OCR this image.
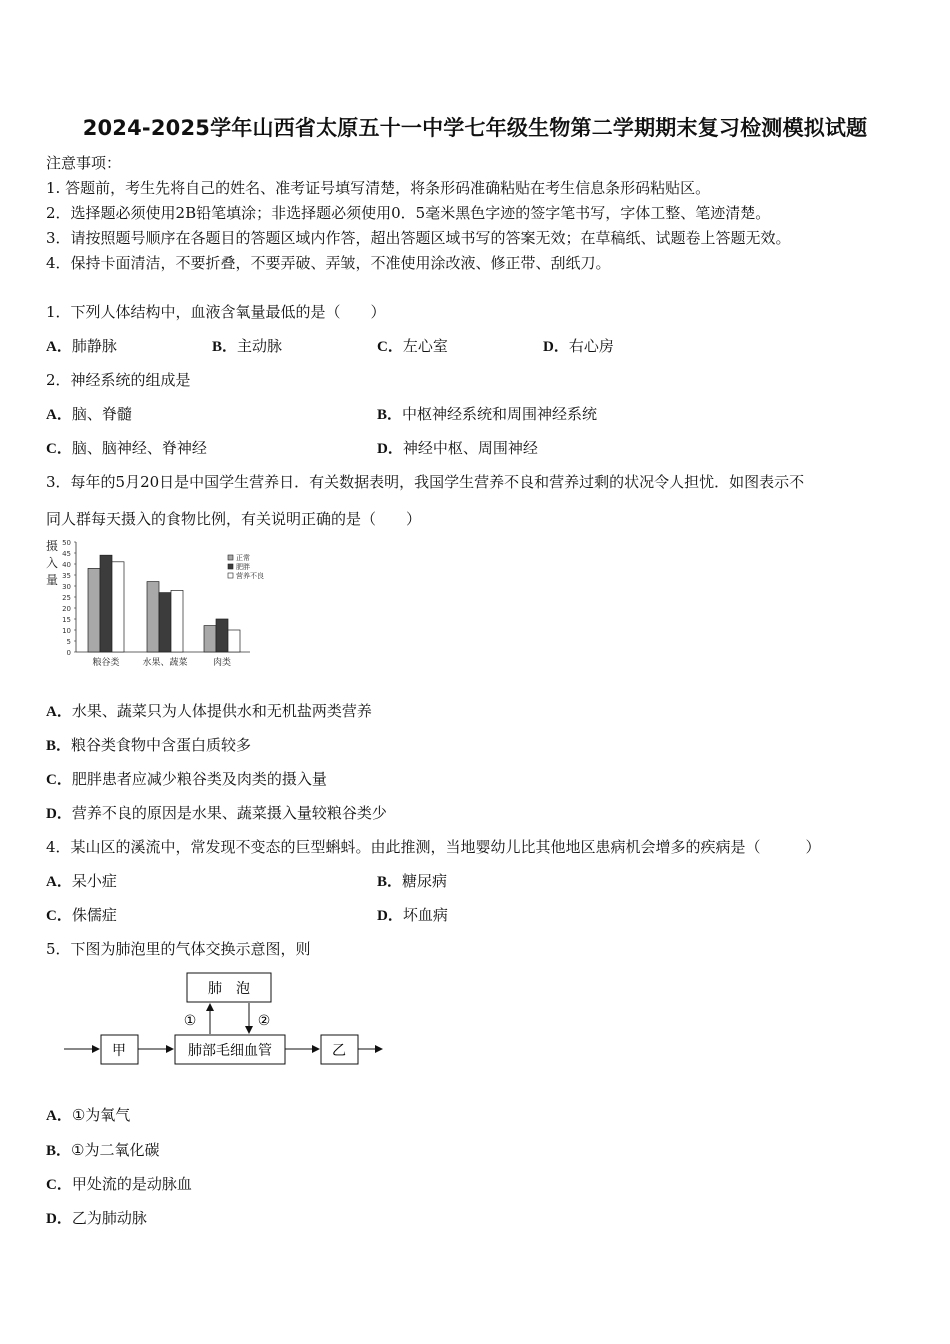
2024-2025学年山西省太原五十一中学七年级生物第二学期期末复习检测模拟试题
注意事项：
1. 答题前，考生先将自己的姓名、准考证号填写清楚，将条形码准确粘贴在考生信息条形码粘贴区。
2．选择题必须使用2B铅笔填涂；非选择题必须使用0．5毫米黑色字迹的签字笔书写，字体工整、笔迹清楚。
3．请按照题号顺序在各题目的答题区域内作答，超出答题区域书写的答案无效；在草稿纸、试题卷上答题无效。
4．保持卡面清洁，不要折叠，不要弄破、弄皱，不准使用涂改液、修正带、刮纸刀。
1．下列人体结构中，血液含氧量最低的是（　　）
A．肺静脉	B．主动脉	C．左心室	D．右心房
2．神经系统的组成是
A．脑、脊髓	B．中枢神经系统和周围神经系统
C．脑、脑神经、脊神经	D．神经中枢、周围神经
3．每年的5月20日是中国学生营养日．有关数据表明，我国学生营养不良和营养过剩的状况令人担忧．如图表示不
同人群每天摄入的食物比例，有关说明正确的是（　　）
摄
入
量
0
5
10
15
20
25
30
35
40
45
50
粮谷类	水果、蔬菜	肉类
正常
肥胖
营养不良
A．水果、蔬菜只为人体提供水和无机盐两类营养
B．粮谷类食物中含蛋白质较多
C．肥胖患者应减少粮谷类及肉类的摄入量
D．营养不良的原因是水果、蔬菜摄入量较粮谷类少
4．某山区的溪流中，常发现不变态的巨型蝌蚪。由此推测，当地婴幼儿比其他地区患病机会增多的疾病是（　　　）
A．呆小症	B．糖尿病
C．侏儒症	D．坏血病
5．下图为肺泡里的气体交换示意图，则
肺　泡
肺部毛细血管
甲	乙
①	②
A．①为氧气
B．①为二氧化碳
C．甲处流的是动脉血
D．乙为肺动脉
